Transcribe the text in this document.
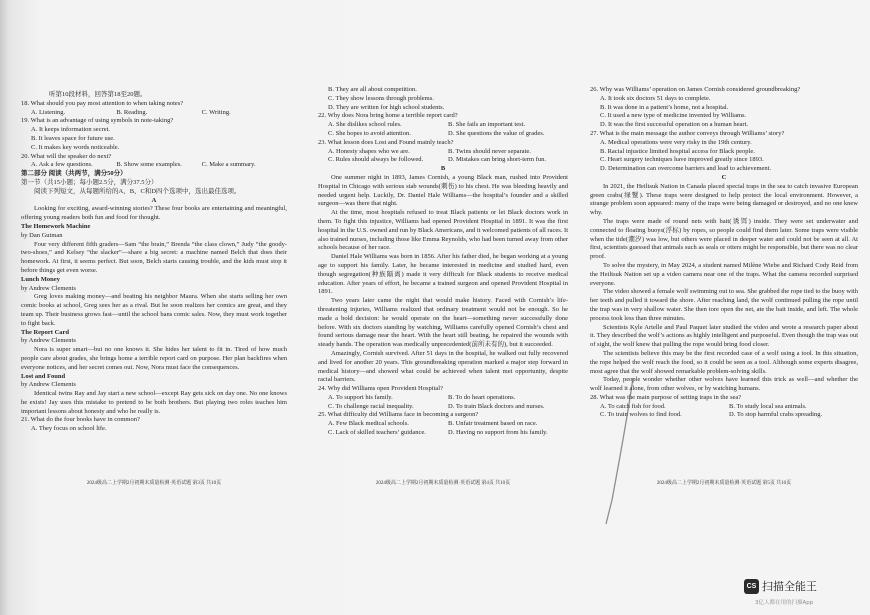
听第10段材料，回答第18至20题。
18. What should you pay most attention to when taking notes?
A. Listening.	B. Reading.	C. Writing.
19. What is an advantage of using symbols in note-taking?
A. It keeps information secret.
B. It leaves space for future use.
C. It makes key words noticeable.
20. What will the speaker do next?
A. Ask a few questions.	B. Show some examples.	C. Make a summary.
第二部分 阅读（共两节，满分50分）
第一节（共15小题；每小题2.5分，满分37.5分）
阅读下列短文，从每题所给的A、B、C和D四个选项中，选出最佳选项。
A

Looking for exciting, award-winning stories? These four books are entertaining and meaningful, offering young readers both fun and food for thought.

The Homework Machine
by Dan Gutman

Four very different fifth graders—Sam “the brain,” Brenda “the class clown,” Judy “the goody-two-shoes,” and Kelsey “the slacker”—share a big secret: a machine named Belch that does their homework. At first, it seems perfect. But soon, Belch starts causing trouble, and the kids must stop it before things get even worse.

Lunch Money
by Andrew Clements

Greg loves making money—and beating his neighbor Maura. When she starts selling her own comic books at school, Greg sees her as a rival. But he soon realizes her comics are great, and they team up. Their business grows fast—until the school bans comic sales. Now, they must work together to fight back.

The Report Card
by Andrew Clements

Nora is super smart—but no one knows it. She hides her talent to fit in. Tired of how much people care about grades, she brings home a terrible report card on purpose. Her plan backfires when everyone notices, and her secret comes out. Now, Nora must face the consequences.

Lost and Found
by Andrew Clements

Identical twins Ray and Jay start a new school—except Ray gets sick on day one. No one knows he exists! Jay uses this mistake to pretend to be both brothers. But playing two roles teaches him important lessons about honesty and who he really is.

21. What do the four books have in common?
A. They focus on school life.
2024级高二上学期2月初期末质量检测·英语试题 第3页 共10页
B. They are all about competition.
C. They show lessons through problems.
D. They are written for high school students.
22. Why does Nora bring home a terrible report card?
A. She dislikes school rules.	B. She fails an important test.
C. She hopes to avoid attention.	D. She questions the value of grades.
23. What lesson does Lost and Found mainly teach?
A. Honesty shapes who we are.	B. Twins should never separate.
C. Rules should always be followed.	D. Mistakes can bring short-term fun.
B

One summer night in 1893, James Cornish, a young Black man, rushed into Provident Hospital in Chicago with serious stab wounds(刺伤) to his chest. He was bleeding heavily and needed urgent help. Luckily, Dr. Daniel Hale Williams—the hospital’s founder and a skilled surgeon—was there that night.

At the time, most hospitals refused to treat Black patients or let Black doctors work in them. To fight this injustice, Williams had opened Provident Hospital in 1891. It was the first hospital in the U.S. owned and run by Black Americans, and it welcomed patients of all races. It also trained nurses, including those like Emma Reynolds, who had been turned away from other schools because of her race.

Daniel Hale Williams was born in 1856. After his father died, he began working at a young age to support his family. Later, he became interested in medicine and studied hard, even though segregation(种族隔离) made it very difficult for Black students to receive medical education. After years of effort, he became a trained surgeon and opened Provident Hospital in 1891.

Two years later came the night that would make history. Faced with Cornish’s life-threatening injuries, Williams realized that ordinary treatment would not be enough. So he made a bold decision: he would operate on the heart—something never successfully done before. With six doctors standing by watching, Williams carefully opened Cornish’s chest and found serious damage near the heart. With the heart still beating, he repaired the wounds with steady hands. The operation was medically unprecedented(前所未有的), but it succeeded.

Amazingly, Cornish survived. After 51 days in the hospital, he walked out fully recovered and lived for another 20 years. This groundbreaking operation marked a major step forward in medical history—and showed what could be achieved when talent met opportunity, despite racial barriers.

24. Why did Williams open Provident Hospital?
A. To support his family.	B. To do heart operations.
C. To challenge racial inequality.	D. To train Black doctors and nurses.
25. What difficulty did Williams face in becoming a surgeon?
A. Few Black medical schools.	B. Unfair treatment based on race.
C. Lack of skilled teachers’ guidance.	D. Having no support from his family.
2024级高二上学期2月初期末质量检测·英语试题 第4页 共10页
26. Why was Williams’ operation on James Cornish considered groundbreaking?
A. It took six doctors 51 days to complete.
B. It was done in a patient’s home, not a hospital.
C. It used a new type of medicine invented by Williams.
D. It was the first successful operation on a human heart.
27. What is the main message the author conveys through Williams’ story?
A. Medical operations were very risky in the 19th century.
B. Racial injustice limited hospital access for Black people.
C. Heart surgery techniques have improved greatly since 1893.
D. Determination can overcome barriers and lead to achievement.
C

In 2021, the Heiltsuk Nation in Canada placed special traps in the sea to catch invasive European green crabs(绿蟹). These traps were designed to help protect the local environment. However, a strange problem soon appeared: many of the traps were being damaged or destroyed, and no one knew why.

The traps were made of round nets with bait(诱饵) inside. They were set underwater and connected to floating buoys(浮标) by ropes, so people could find them later. Some traps were visible when the tide(潮汐) was low, but others were placed in deeper water and could not be seen at all. At first, scientists guessed that animals such as seals or otters might be responsible, but there was no clear proof.

To solve the mystery, in May 2024, a student named Milène Wiebe and Richard Cody Reid from the Heiltsuk Nation set up a video camera near one of the traps. What the camera recorded surprised everyone.

The video showed a female wolf swimming out to sea. She grabbed the rope tied to the buoy with her teeth and pulled it toward the shore. After reaching land, the wolf continued pulling the rope until the trap was in very shallow water. She then tore open the net, ate the bait inside, and left. The whole process took less than three minutes.

Scientists Kyle Artelle and Paul Paquet later studied the video and wrote a research paper about it. They described the wolf’s actions as highly intelligent and purposeful. Even though the trap was out of sight, the wolf knew that pulling the rope would bring food closer.

The scientists believe this may be the first recorded case of a wolf using a tool. In this situation, the rope helped the wolf reach the food, so it could be seen as a tool. Although some experts disagree, most agree that the wolf showed remarkable problem-solving skills.

Today, people wonder whether other wolves have learned this trick as well—and whether the wolf learned it alone, from other wolves, or by watching humans.

28. What was the main purpose of setting traps in the sea?
A. To catch fish for food.	B. To study local sea animals.
C. To train wolves to find food.	D. To stop harmful crabs spreading.
2024级高二上学期2月初期末质量检测·英语试题 第5页 共10页
CS 扫描全能王
3亿人都在用的扫描App
